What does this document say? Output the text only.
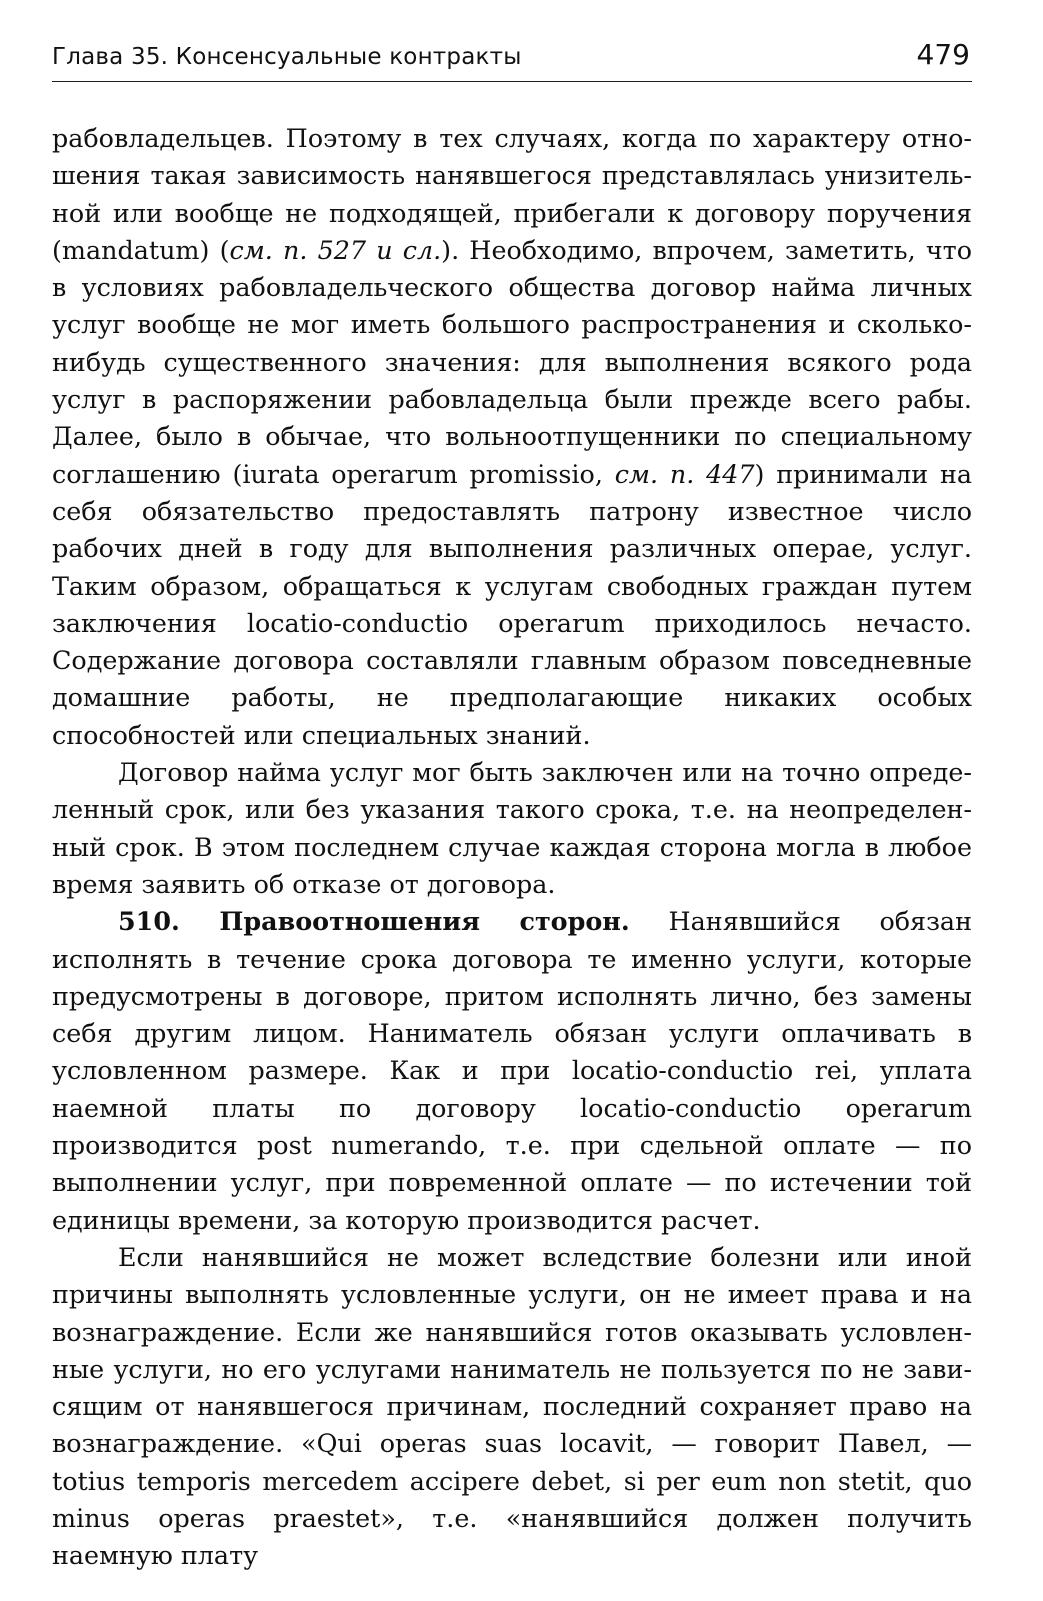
Глава 35. Консенсуальные контракты	479

рабовладельцев. Поэтому в тех случаях, когда по характеру отношения такая зависимость нанявшегося представлялась унизительной или вообще не подходящей, прибегали к договору поручения (mandatum) (см. п. 527 и сл.). Необходимо, впрочем, заметить, что в условиях рабовладельческого общества договор найма личных услуг вообще не мог иметь большого распространения и сколько-нибудь существенного значения: для выполнения всякого рода услуг в распоряжении рабовладельца были прежде всего рабы. Далее, было в обычае, что вольноотпущенники по специальному соглашению (iurata operarum promissio, см. п. 447) принимали на себя обязательство предоставлять патрону известное число рабочих дней в году для выполнения различных операе, услуг. Таким образом, обращаться к услугам свободных граждан путем заключения locatio-conductio operarum приходилось нечасто. Содержание договора составляли главным образом повседневные домашние работы, не предполагающие никаких особых способностей или специальных знаний.

Договор найма услуг мог быть заключен или на точно определенный срок, или без указания такого срока, т.е. на неопределенный срок. В этом последнем случае каждая сторона могла в любое время заявить об отказе от договора.

510. Правоотношения сторон. Нанявшийся обязан исполнять в течение срока договора те именно услуги, которые предусмотрены в договоре, притом исполнять лично, без замены себя другим лицом. Наниматель обязан услуги оплачивать в условленном размере. Как и при locatio-conductio rei, уплата наемной платы по договору locatio-conductio operarum производится post numerando, т.е. при сдельной оплате — по выполнении услуг, при повременной оплате — по истечении той единицы времени, за которую производится расчет.

Если нанявшийся не может вследствие болезни или иной причины выполнять условленные услуги, он не имеет права и на вознаграждение. Если же нанявшийся готов оказывать условленные услуги, но его услугами наниматель не пользуется по не зависящим от нанявшегося причинам, последний сохраняет право на вознаграждение. «Qui operas suas locavit, — говорит Павел, — totius temporis mercedem accipere debet, si per eum non stetit, quo minus operas praestet», т.е. «нанявшийся должен получить наемную плату
